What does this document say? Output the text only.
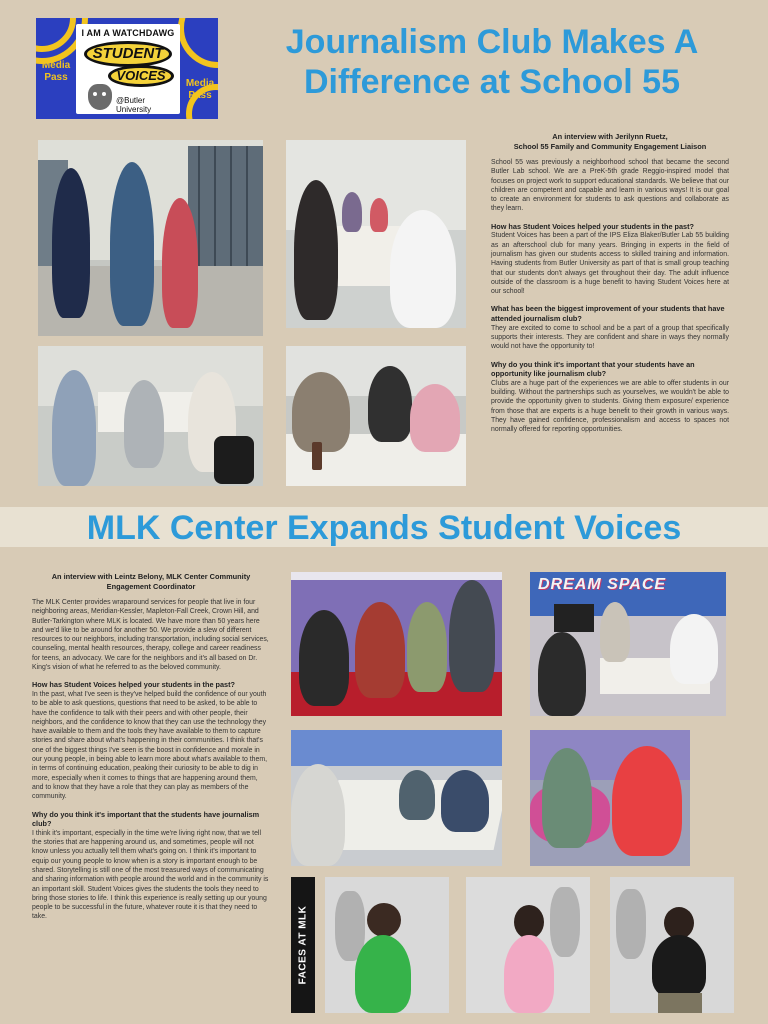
Media Pass
Media Pass
I AM A WATCHDAWG
STUDENT
VOICES
@Butler University
Journalism Club Makes A Difference at School 55
An interview with Jerilynn Ruetz,
School 55 Family and Community Engagement Liaison

School 55 was previously a neighborhood school that became the second Butler Lab school. We are a PreK-5th grade Reggio-inspired model that focuses on project work to support educational standards. We believe that our children are competent and capable and learn in various ways! It is our goal to create an environment for students to ask questions and collaborate as they learn.

How has Student Voices helped your students in the past?

Student Voices has been a part of the IPS Eliza Blaker/Butler Lab 55 building as an afterschool club for many years. Bringing in experts in the field of journalism has given our students access to skilled training and information. Having students from Butler University as part of that is small group teaching that our students don't always get throughout their day. The adult influence outside of the classroom is a huge benefit to having Student Voices here at our school!

What has been the biggest improvement of your students that have attended journalism club?

They are excited to come to school and be a part of a group that specifically supports their interests. They are confident and share in ways they normally would not have the opportunity to!

Why do you think it's important that your students have an opportunity like journalism club?

Clubs are a huge part of the experiences we are able to offer students in our building. Without the partnerships such as yourselves, we wouldn't be able to provide the opportunity given to students. Giving them exposure/ experience from those that are experts is a huge benefit to their growth in various ways. They have gained confidence, professionalism and access to spaces not normally offered for reporting opportunities.

MLK Center Expands Student Voices
An interview with Leintz Belony, MLK Center Community
Engagement Coordinator

The MLK Center provides wraparound services for people that live in four neighboring areas, Meridian-Kessler, Mapleton-Fall Creek, Crown Hill, and Butler-Tarkington where MLK is located. We have more than 50 years here and we'd like to be around for another 50. We provide a slew of different resources to our neighbors, including transportation, including social services, counseling, mental health resources, therapy, college and career readiness for teens, an advocacy. We care for the neighbors and it's all based on Dr. King's vision of what he referred to as the beloved community.

How has Student Voices helped your students in the past?

In the past, what I've seen is they've helped build the confidence of our youth to be able to ask questions, questions that need to be asked, to be able to have the confidence to talk with their peers and with other people, their neighbors, and the confidence to know that they can use the technology they have available to them and the tools they have available to them to capture stories and share about what's happening in their communities. I think that's one of the biggest things I've seen is the boost in confidence and morale in our young people, in being able to learn more about what's available to them, in terms of continuing education, peaking their curiosity to be able to dig in more, especially when it comes to things that are happening around them, and to know that they have a role that they can play as members of the community.

Why do you think it's important that the students have journalism club?

I think it's important, especially in the time we're living right now, that we tell the stories that are happening around us, and sometimes, people will not know unless you actually tell them what's going on. I think it's important to equip our young people to know when is a story is important enough to be shared. Storytelling is still one of the most treasured ways of communicating and sharing information with people around the world and in the community is an important skill. Student Voices gives the students the tools they need to bring those stories to life. I think this experience is really setting up our young people to be successful in the future, whatever route it is that they need to take.

DREAM SPACE
FACES AT MLK
